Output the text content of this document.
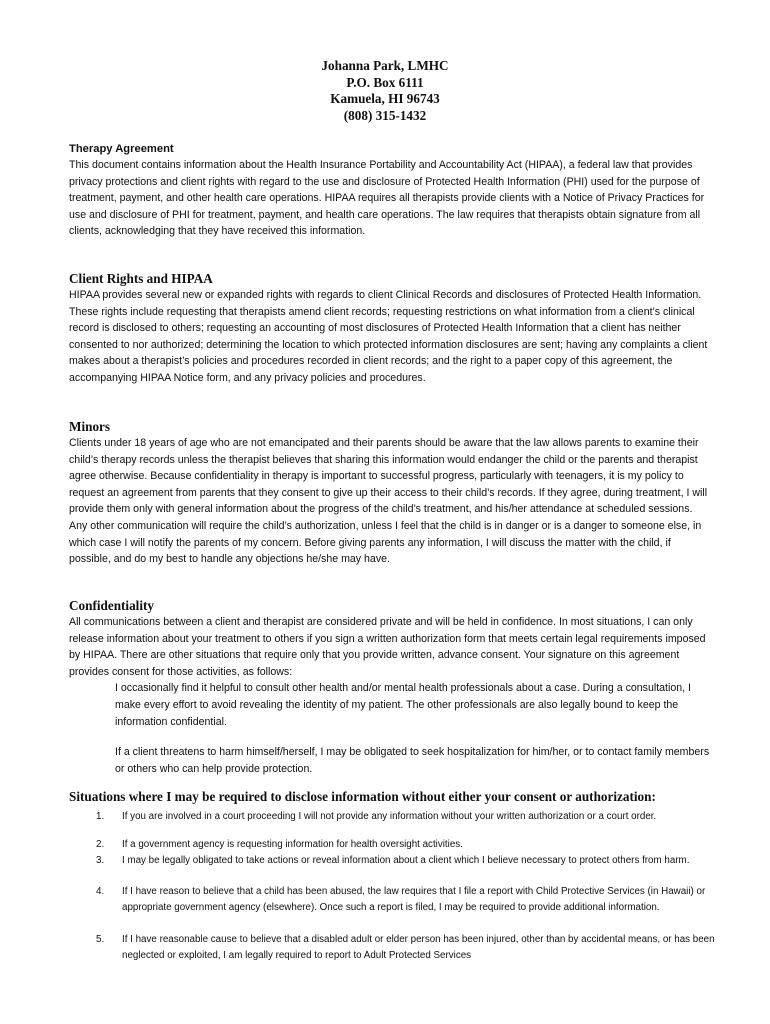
Johanna Park, LMHC
P.O. Box 6111
Kamuela, HI 96743
(808) 315-1432
Therapy Agreement
This document contains information about the Health Insurance Portability and Accountability Act (HIPAA), a federal law that provides privacy protections and client rights with regard to the use and disclosure of Protected Health Information (PHI) used for the purpose of treatment, payment, and other health care operations. HIPAA requires all therapists provide clients with a Notice of Privacy Practices for use and disclosure of PHI for treatment, payment, and health care operations. The law requires that therapists obtain signature from all clients, acknowledging that they have received this information.
Client Rights and HIPAA
HIPAA provides several new or expanded rights with regards to client Clinical Records and disclosures of Protected Health Information. These rights include requesting that therapists amend client records; requesting restrictions on what information from a client’s clinical record is disclosed to others; requesting an accounting of most disclosures of Protected Health Information that a client has neither consented to nor authorized; determining the location to which protected information disclosures are sent; having any complaints a client makes about a therapist’s policies and procedures recorded in client records; and the right to a paper copy of this agreement, the accompanying HIPAA Notice form, and any privacy policies and procedures.
Minors
Clients under 18 years of age who are not emancipated and their parents should be aware that the law allows parents to examine their child’s therapy records unless the therapist believes that sharing this information would endanger the child or the parents and therapist agree otherwise. Because confidentiality in therapy is important to successful progress, particularly with teenagers, it is my policy to request an agreement from parents that they consent to give up their access to their child’s records. If they agree, during treatment, I will provide them only with general information about the progress of the child’s treatment, and his/her attendance at scheduled sessions. Any other communication will require the child’s authorization, unless I feel that the child is in danger or is a danger to someone else, in which case I will notify the parents of my concern. Before giving parents any information, I will discuss the matter with the child, if possible, and do my best to handle any objections he/she may have.
Confidentiality
All communications between a client and therapist are considered private and will be held in confidence. In most situations, I can only release information about your treatment to others if you sign a written authorization form that meets certain legal requirements imposed by HIPAA. There are other situations that require only that you provide written, advance consent. Your signature on this agreement provides consent for those activities, as follows:
I occasionally find it helpful to consult other health and/or mental health professionals about a case. During a consultation, I make every effort to avoid revealing the identity of my patient. The other professionals are also legally bound to keep the information confidential.
If a client threatens to harm himself/herself, I may be obligated to seek hospitalization for him/her, or to contact family members or others who can help provide protection.
Situations where I may be required to disclose information without either your consent or authorization:
1.	If you are involved in a court proceeding I will not provide any information without your written authorization or a court order.
2.	If a government agency is requesting information for health oversight activities.
3.	I may be legally obligated to take actions or reveal information about a client which I believe necessary to protect others from harm.
4.	If I have reason to believe that a child has been abused, the law requires that I file a report with Child Protective Services (in Hawaii) or appropriate government agency (elsewhere). Once such a report is filed, I may be required to provide additional information.
5.	If I have reasonable cause to believe that a disabled adult or elder person has been injured, other than by accidental means, or has been neglected or exploited, I am legally required to report to Adult Protected Services
